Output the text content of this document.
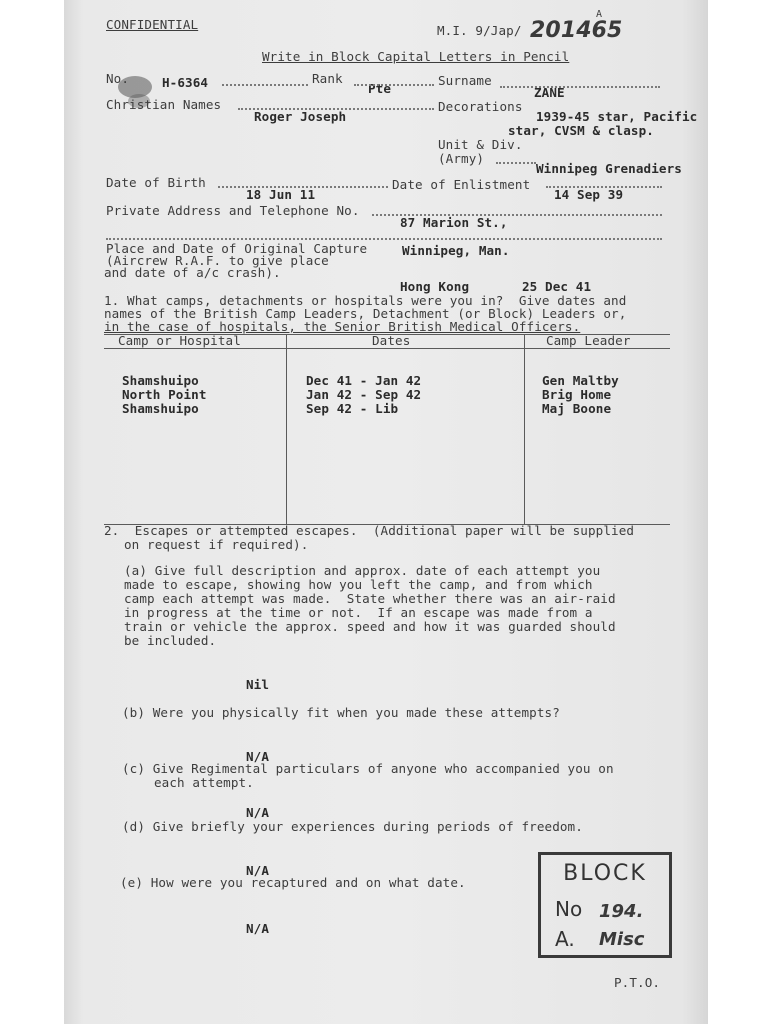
CONFIDENTIAL	M.I. 9/Jap/ 201465
A
Write in Block Capital Letters in Pencil
No.	H-6364	Rank
Pte
Surname
ZANE
Christian Names
Roger Joseph
Decorations
1939-45 star, Pacific
star, CVSM & clasp.
Unit & Div.
(Army)
Winnipeg Grenadiers
Date of Birth
18 Jun 11
Date of Enlistment
14 Sep 39
Private Address and Telephone No.
87 Marion St.,
Place and Date of Original Capture	Winnipeg, Man.
(Aircrew R.A.F. to give place
and date of a/c crash).
Hong Kong	25 Dec 41
1. What camps, detachments or hospitals were you in?  Give dates and
names of the British Camp Leaders, Detachment (or Block) Leaders or,
in the case of hospitals, the Senior British Medical Officers.
Camp or Hospital	Dates	Camp Leader
Shamshuipo	Dec 41 - Jan 42	Gen Maltby
North Point	Jan 42 - Sep 42	Brig Home
Shamshuipo	Sep 42 - Lib	Maj Boone
2.  Escapes or attempted escapes.  (Additional paper will be supplied
on request if required).
(a) Give full description and approx. date of each attempt you
made to escape, showing how you left the camp, and from which
camp each attempt was made.  State whether there was an air-raid
in progress at the time or not.  If an escape was made from a
train or vehicle the approx. speed and how it was guarded should
be included.
Nil
(b) Were you physically fit when you made these attempts?
N/A
(c) Give Regimental particulars of anyone who accompanied you on
each attempt.
N/A
(d) Give briefly your experiences during periods of freedom.
N/A
(e) How were you recaptured and on what date.
N/A
BLOCK
No 194.
A. Misc
P.T.O.
